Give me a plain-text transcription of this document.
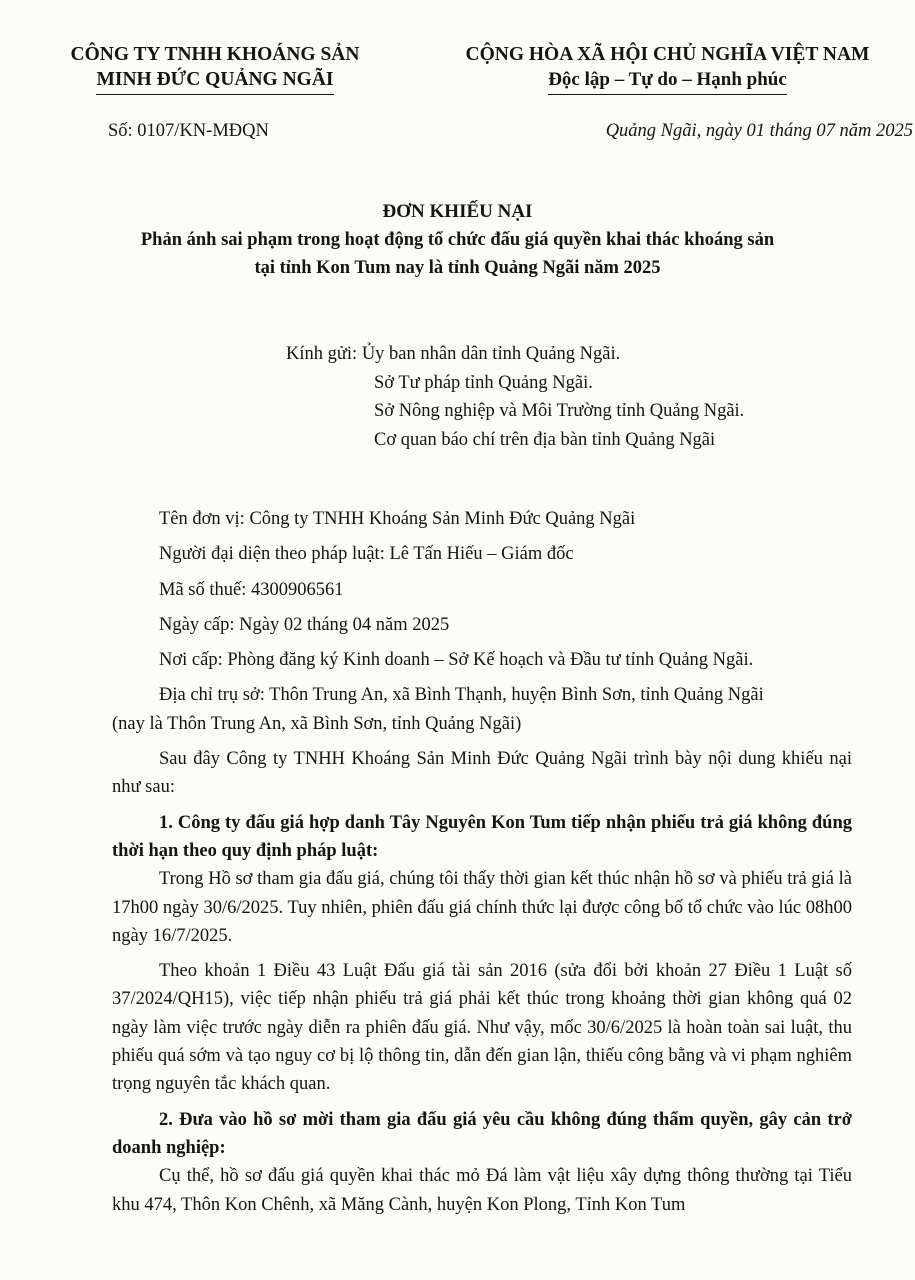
CÔNG TY TNHH KHOÁNG SẢN
MINH ĐỨC QUẢNG NGÃI
CỘNG HÒA XÃ HỘI CHỦ NGHĨA VIỆT NAM
Độc lập – Tự do – Hạnh phúc
Số: 0107/KN-MĐQN	Quảng Ngãi, ngày 01 tháng 07 năm 2025
ĐƠN KHIẾU NẠI
Phản ánh sai phạm trong hoạt động tổ chức đấu giá quyền khai thác khoáng sản
tại tỉnh Kon Tum nay là tỉnh Quảng Ngãi năm 2025
Kính gửi: Ủy ban nhân dân tỉnh Quảng Ngãi.
Sở Tư pháp tỉnh Quảng Ngãi.
Sở Nông nghiệp và Môi Trường tỉnh Quảng Ngãi.
Cơ quan báo chí trên địa bàn tỉnh Quảng Ngãi

Tên đơn vị: Công ty TNHH Khoáng Sản Minh Đức Quảng Ngãi

Người đại diện theo pháp luật: Lê Tấn Hiếu – Giám đốc

Mã số thuế: 4300906561

Ngày cấp: Ngày 02 tháng 04 năm 2025

Nơi cấp: Phòng đăng ký Kinh doanh – Sở Kế hoạch và Đầu tư tỉnh Quảng Ngãi.

Địa chỉ trụ sở: Thôn Trung An, xã Bình Thạnh, huyện Bình Sơn, tỉnh Quảng Ngãi

(nay là Thôn Trung An, xã Bình Sơn, tỉnh Quảng Ngãi)

Sau đây Công ty TNHH Khoáng Sản Minh Đức Quảng Ngãi trình bày nội dung khiếu nại như sau:

1. Công ty đấu giá hợp danh Tây Nguyên Kon Tum tiếp nhận phiếu trả giá không đúng thời hạn theo quy định pháp luật:

Trong Hồ sơ tham gia đấu giá, chúng tôi thấy thời gian kết thúc nhận hồ sơ và phiếu trả giá là 17h00 ngày 30/6/2025. Tuy nhiên, phiên đấu giá chính thức lại được công bố tổ chức vào lúc 08h00 ngày 16/7/2025.

Theo khoản 1 Điều 43 Luật Đấu giá tài sản 2016 (sửa đổi bởi khoản 27 Điều 1 Luật số 37/2024/QH15), việc tiếp nhận phiếu trả giá phải kết thúc trong khoảng thời gian không quá 02 ngày làm việc trước ngày diễn ra phiên đấu giá. Như vậy, mốc 30/6/2025 là hoàn toàn sai luật, thu phiếu quá sớm và tạo nguy cơ bị lộ thông tin, dẫn đến gian lận, thiếu công bằng và vi phạm nghiêm trọng nguyên tắc khách quan.

2. Đưa vào hồ sơ mời tham gia đấu giá yêu cầu không đúng thẩm quyền, gây cản trở doanh nghiệp:

Cụ thể, hồ sơ đấu giá quyền khai thác mỏ Đá làm vật liệu xây dựng thông thường tại Tiểu khu 474, Thôn Kon Chênh, xã Măng Cành, huyện Kon Plong, Tỉnh Kon Tum
